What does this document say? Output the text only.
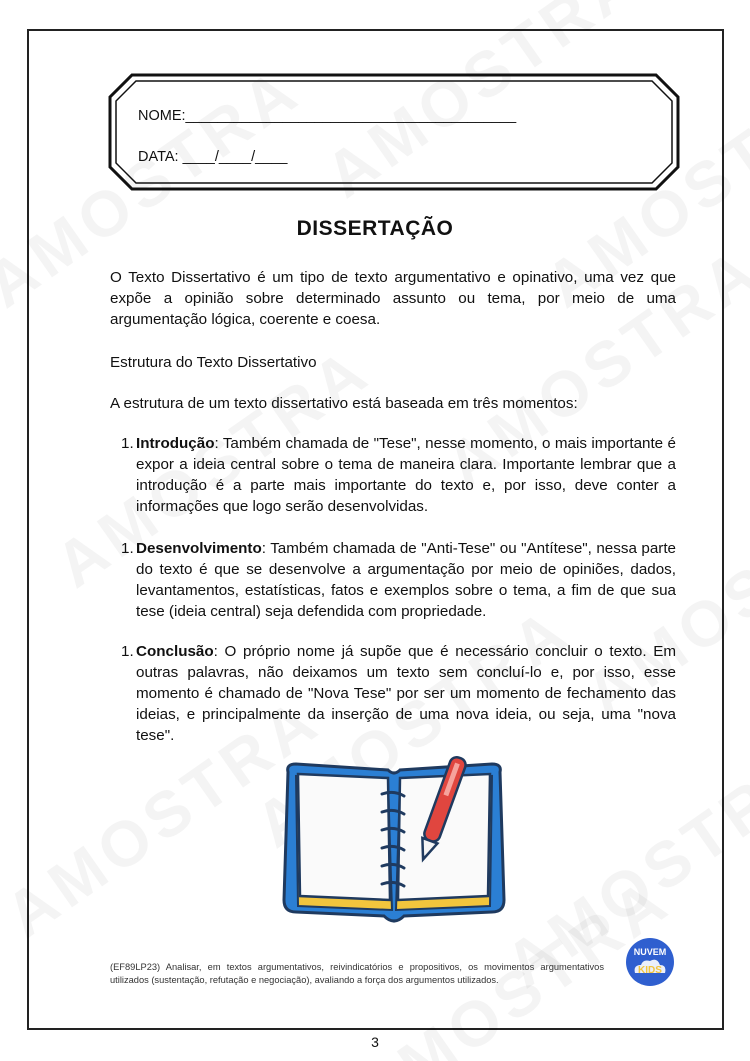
NOME:_________________________________________
DATA: ____/____/____
DISSERTAÇÃO
O Texto Dissertativo é um tipo de texto argumentativo e opinativo, uma vez que expõe a opinião sobre determinado assunto ou tema, por meio de uma argumentação lógica, coerente e coesa.
Estrutura do Texto Dissertativo
A estrutura de um texto dissertativo está baseada em três momentos:
1. Introdução: Também chamada de "Tese", nesse momento, o mais importante é expor a ideia central sobre o tema de maneira clara. Importante lembrar que a introdução é a parte mais importante do texto e, por isso, deve conter a informações que logo serão desenvolvidas.
1. Desenvolvimento: Também chamada de "Anti-Tese" ou "Antítese", nessa parte do texto é que se desenvolve a argumentação por meio de opiniões, dados, levantamentos, estatísticas, fatos e exemplos sobre o tema, a fim de que sua tese (ideia central) seja defendida com propriedade.
1. Conclusão: O próprio nome já supõe que é necessário concluir o texto. Em outras palavras, não deixamos um texto sem concluí-lo e, por isso, esse momento é chamado de "Nova Tese" por ser um momento de fechamento das ideias, e principalmente da inserção de uma nova ideia, ou seja, uma "nova tese".
(EF89LP23) Analisar, em textos argumentativos, reivindicatórios e propositivos, os movimentos argumentativos utilizados (sustentação, refutação e negociação), avaliando a força dos argumentos utilizados.
NUVEM
KIDS
3
